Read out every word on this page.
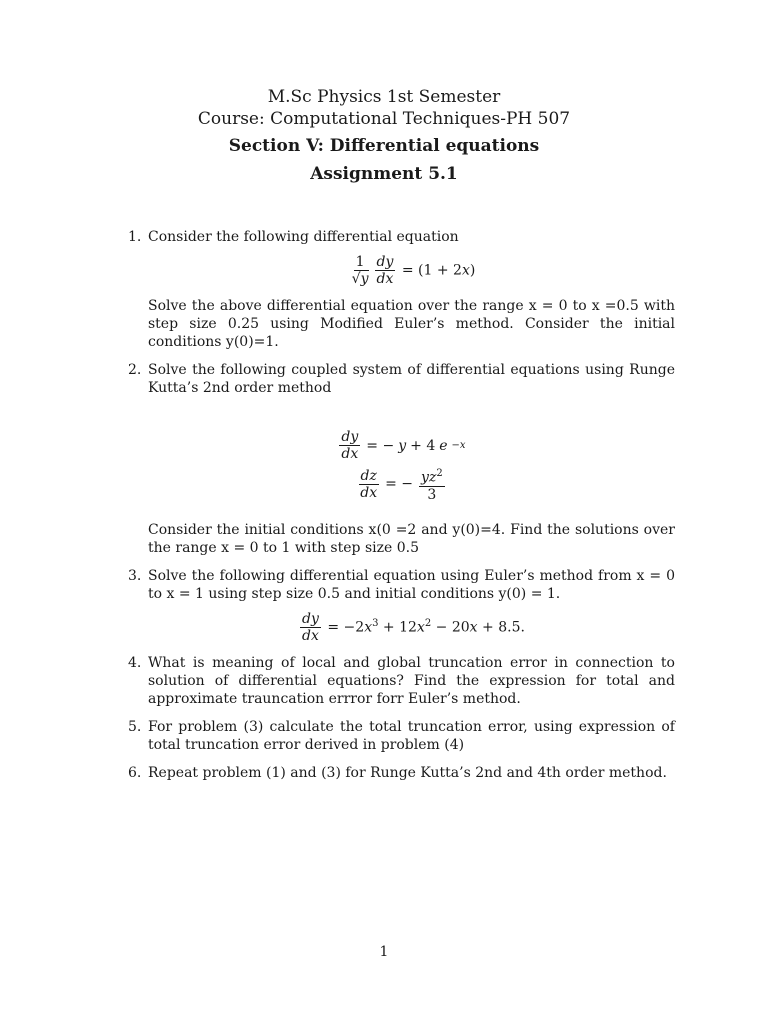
M.Sc Physics 1st Semester
Course: Computational Techniques-PH 507
Section V: Differential equations
Assignment 5.1
1. Consider the following differential equation
$\frac{1}{√y} \frac{dy}{dx} = (1 + 2x)$
Solve the above differential equation over the range x = 0 to x =0.5 with step size 0.25 using Modified Euler’s method. Consider the initial conditions y(0)=1.
2. Solve the following coupled system of differential equations using Runge Kutta’s 2nd order method
$\frac{dy}{dx}$ = − y + 4 e −x
$\frac{dz}{dx}$ = − $\frac{yz^2}{3}$
Consider the initial conditions x(0 =2 and y(0)=4. Find the solutions over the range x = 0 to 1 with step size 0.5
3. Solve the following differential equation using Euler’s method from x = 0 to x = 1 using step size 0.5 and initial conditions y(0) = 1.
$\frac{dy}{dx} = -2x^3 + 12x^2 - 20x + 8.5$.
4. What is meaning of local and global truncation error in connection to solution of differential equations? Find the expression for total and approximate trauncation errror forr Euler’s method.
5. For problem (3) calculate the total truncation error, using expression of total truncation error derived in problem (4)
6. Repeat problem (1) and (3) for Runge Kutta’s 2nd and 4th order method.
1
